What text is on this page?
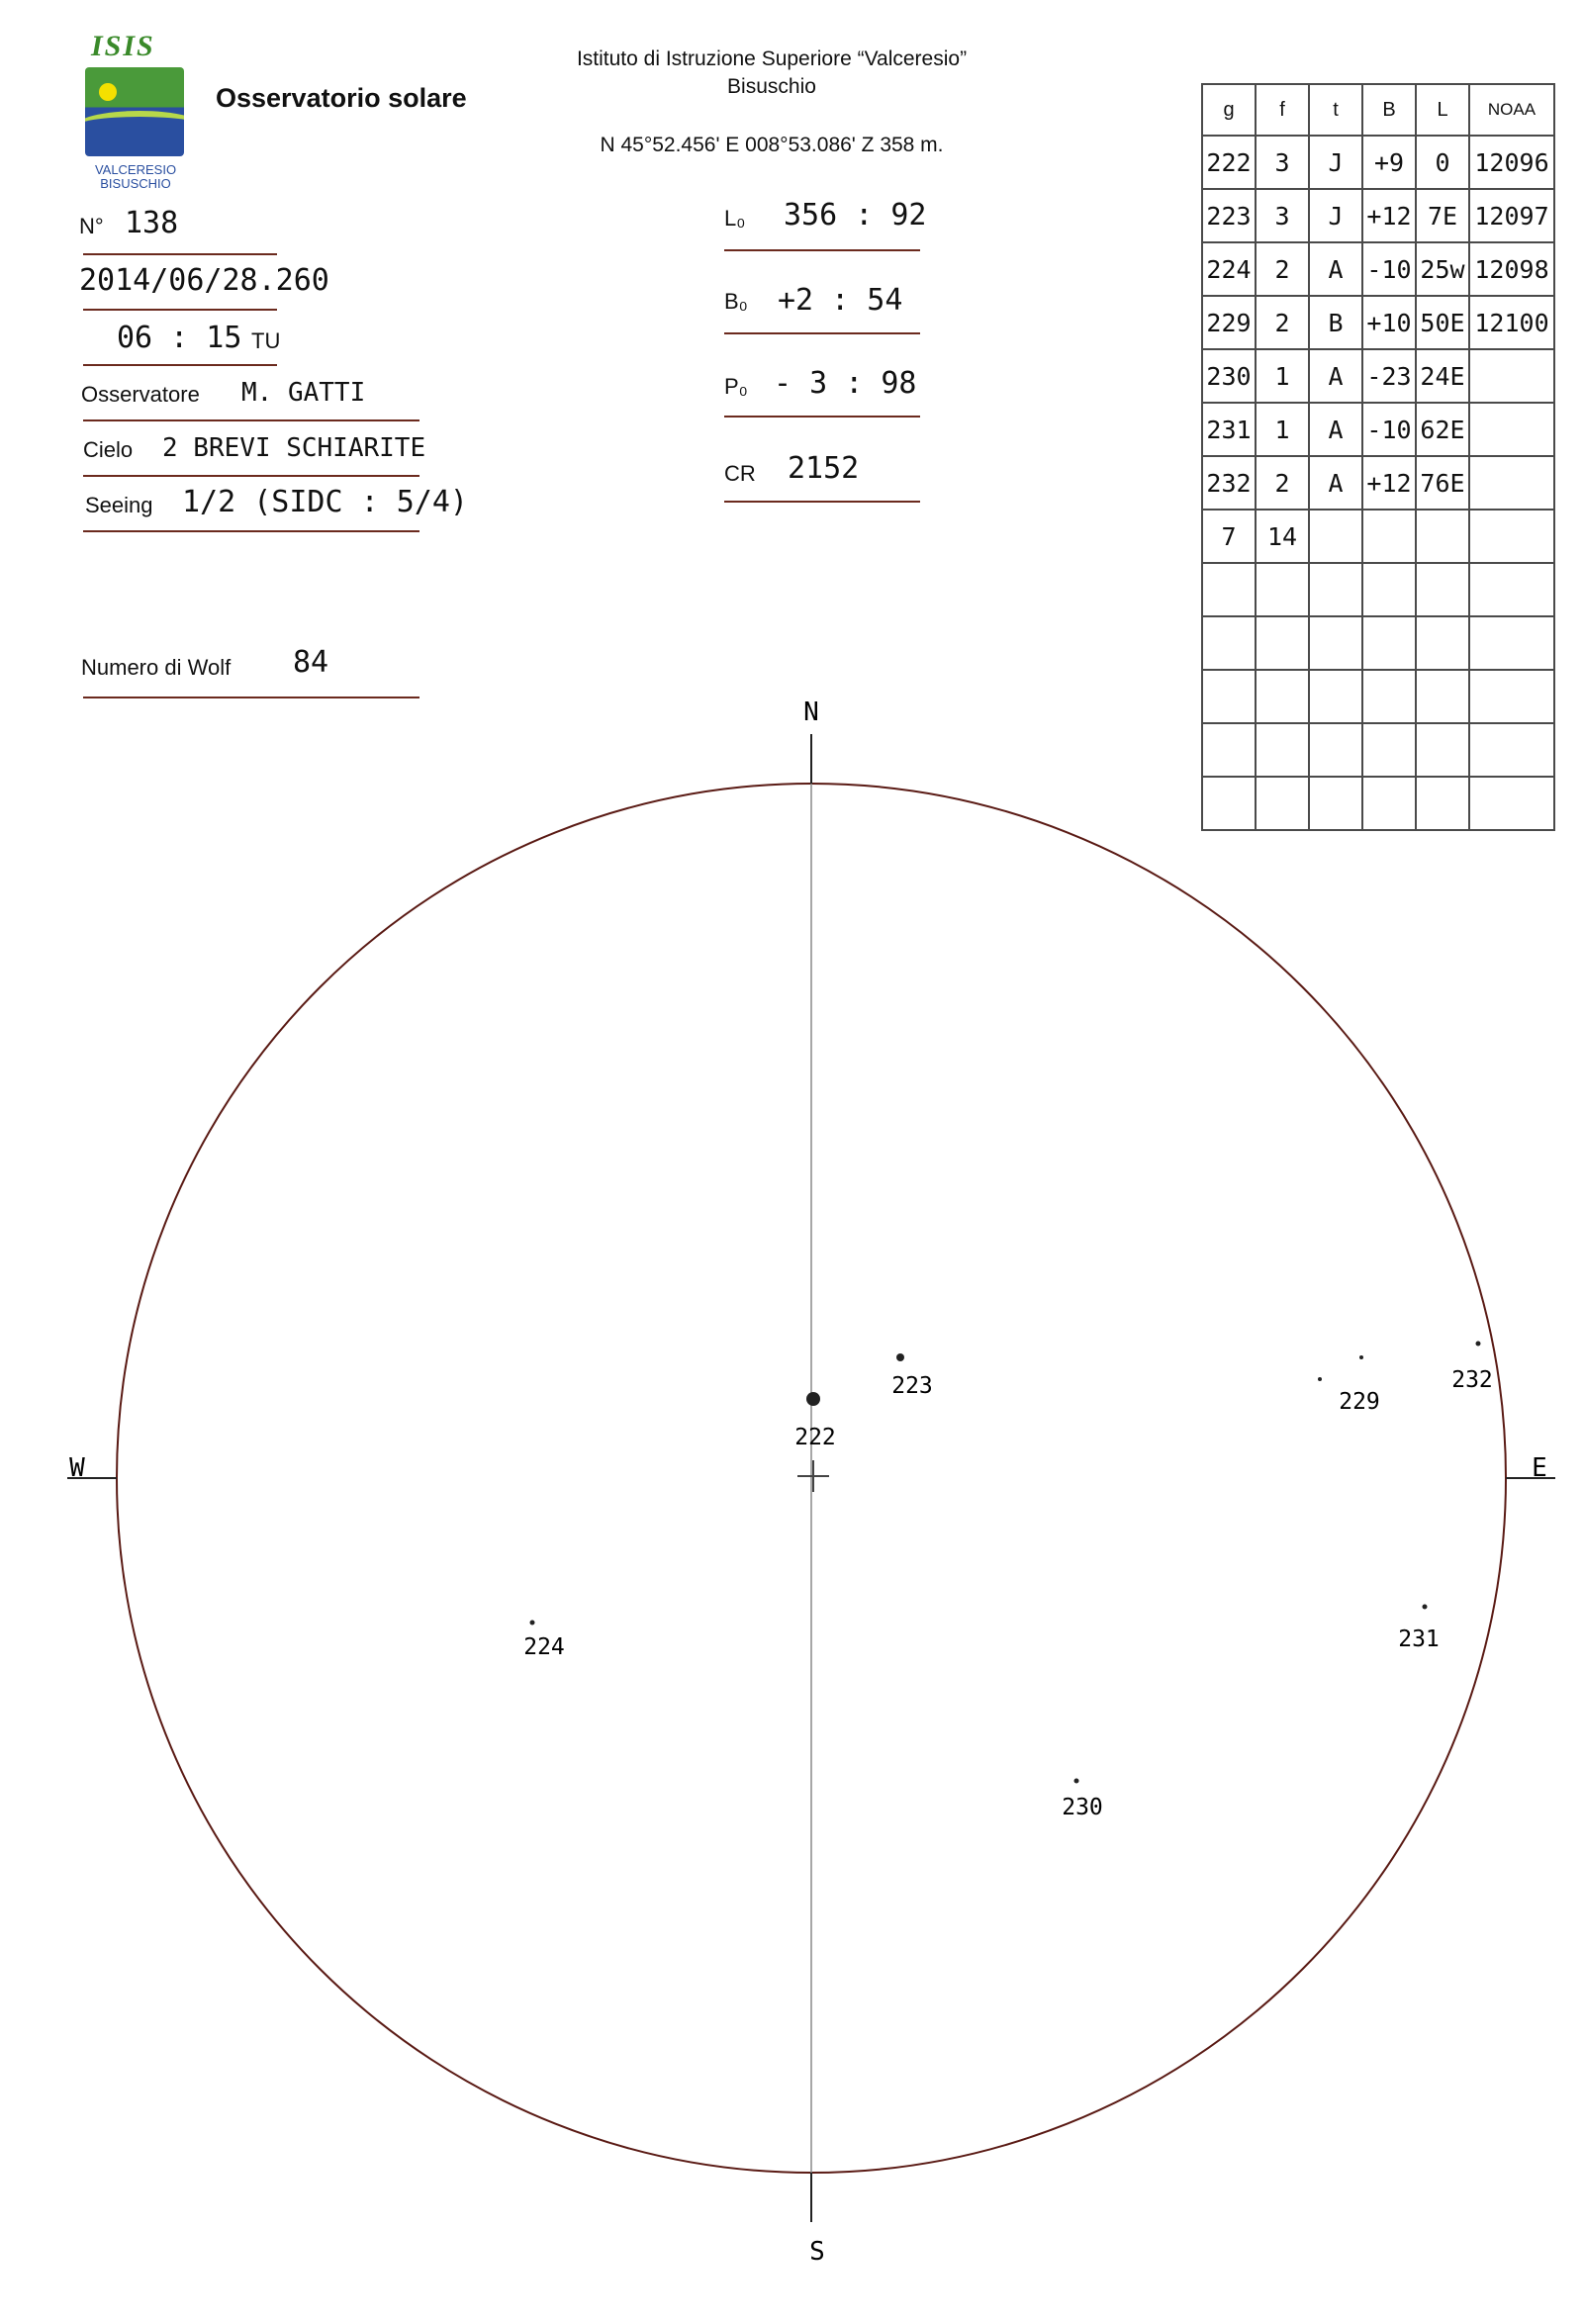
ISIS
VALCERESIO
BISUSCHIO
Osservatorio solare
Istituto di Istruzione Superiore “Valceresio”
Bisuschio
N 45°52.456' E 008°53.086' Z 358 m.
N° 138
2014/06/28.260
06 : 15 TU
Osservatore M. GATTI
Cielo 2 BREVI SCHIARITE
Seeing 1/2 (SIDC : 5/4)
Numero di Wolf 84
L₀ 356 : 92
B₀ +2 : 54
P₀ - 3 : 98
CR 2152
g	f	t	B	L	NOAA
222	3	J	+9	0	12096
223	3	J	+12	7E	12097
224	2	A	-10	25w	12098
229	2	B	+10	50E	12100
230	1	A	-23	24E	
231	1	A	-10	62E	
232	2	A	+12	76E	
7	14				

N
S
E
W
222
223
224
229
230
231
232
